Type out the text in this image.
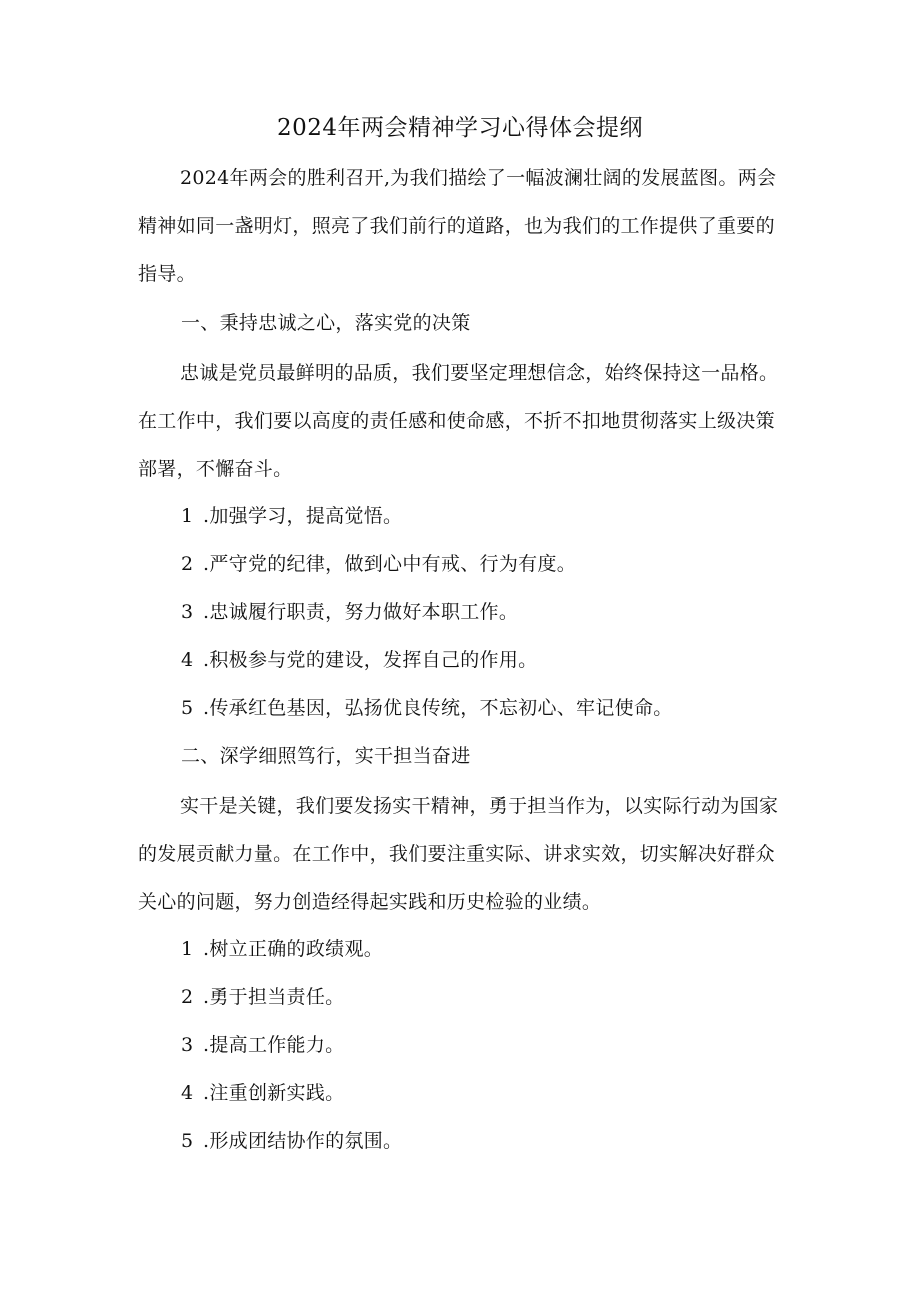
2024年两会精神学习心得体会提纲

2024年两会的胜利召开,为我们描绘了一幅波澜壮阔的发展蓝图。两会精神如同一盏明灯，照亮了我们前行的道路，也为我们的工作提供了重要的指导。

一、秉持忠诚之心，落实党的决策

忠诚是党员最鲜明的品质，我们要坚定理想信念，始终保持这一品格。在工作中，我们要以高度的责任感和使命感，不折不扣地贯彻落实上级决策部署，不懈奋斗。

1 .加强学习，提高觉悟。
2 .严守党的纪律，做到心中有戒、行为有度。
3 .忠诚履行职责，努力做好本职工作。
4 .积极参与党的建设，发挥自己的作用。
5 .传承红色基因，弘扬优良传统，不忘初心、牢记使命。
二、深学细照笃行，实干担当奋进

实干是关键，我们要发扬实干精神，勇于担当作为，以实际行动为国家的发展贡献力量。在工作中，我们要注重实际、讲求实效，切实解决好群众关心的问题，努力创造经得起实践和历史检验的业绩。

1 .树立正确的政绩观。
2 .勇于担当责任。
3 .提高工作能力。
4 .注重创新实践。
5 .形成团结协作的氛围。
